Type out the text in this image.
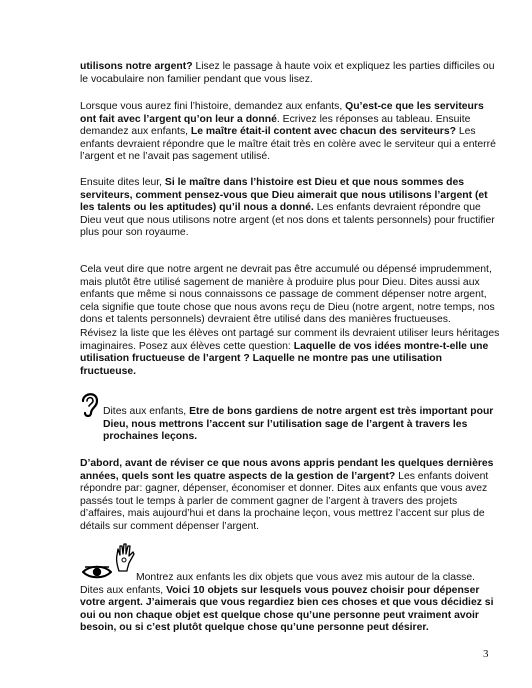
utilisons notre argent? Lisez le passage à haute voix et expliquez les parties difficiles ou le vocabulaire non familier pendant que vous lisez.
Lorsque vous aurez fini l’histoire, demandez aux enfants, Qu’est-ce que les serviteurs ont fait avec l’argent qu’on leur a donné. Ecrivez les réponses au tableau. Ensuite demandez aux enfants, Le maître était-il content avec chacun des serviteurs? Les enfants devraient répondre que le maître était très en colère avec le serviteur qui a enterré l’argent et ne l’avait pas sagement utilisé.
Ensuite dites leur, Si le maître dans l’histoire est Dieu et que nous sommes des serviteurs, comment pensez-vous que Dieu aimerait que nous utilisons l’argent (et les talents ou les aptitudes) qu’il nous a donné. Les enfants devraient répondre que Dieu veut que nous utilisons notre argent (et nos dons et talents personnels) pour fructifier plus pour son royaume.
Cela veut dire que notre argent ne devrait pas être accumulé ou dépensé imprudemment, mais plutôt être utilisé sagement de manière à produire plus pour Dieu. Dites aussi aux enfants que même si nous connaissons ce passage de comment dépenser notre argent, cela signifie que toute chose que nous avons reçu de Dieu (notre argent, notre temps, nos dons et talents personnels) devraient être utilisé dans des manières fructueuses.
Révisez la liste que les élèves ont partagé sur comment ils devraient utiliser leurs héritages imaginaires. Posez aux élèves cette question: Laquelle de vos idées montre-t-elle une utilisation fructueuse de l’argent ? Laquelle ne montre pas une utilisation fructueuse.
Dites aux enfants, Etre de bons gardiens de notre argent est très important pour Dieu, nous mettrons l’accent sur l’utilisation sage de l’argent à travers les prochaines leçons.
D’abord, avant de réviser ce que nous avons appris pendant les quelques dernières années, quels sont les quatre aspects de la gestion de l’argent? Les enfants doivent répondre par: gagner, dépenser, économiser et donner. Dites aux enfants que vous avez passés tout le temps à parler de comment gagner de l’argent à travers des projets d’affaires, mais aujourd’hui et dans la prochaine leçon, vous mettrez l’accent sur plus de détails sur comment dépenser l’argent.
Montrez aux enfants les dix objets que vous avez mis autour de la classe. Dites aux enfants, Voici 10 objets sur lesquels vous pouvez choisir pour dépenser votre argent. J’aimerais que vous regardiez bien ces choses et que vous décidiez si oui ou non chaque objet est quelque chose qu’une personne peut vraiment avoir besoin, ou si c’est plutôt quelque chose qu’une personne peut désirer.
3
